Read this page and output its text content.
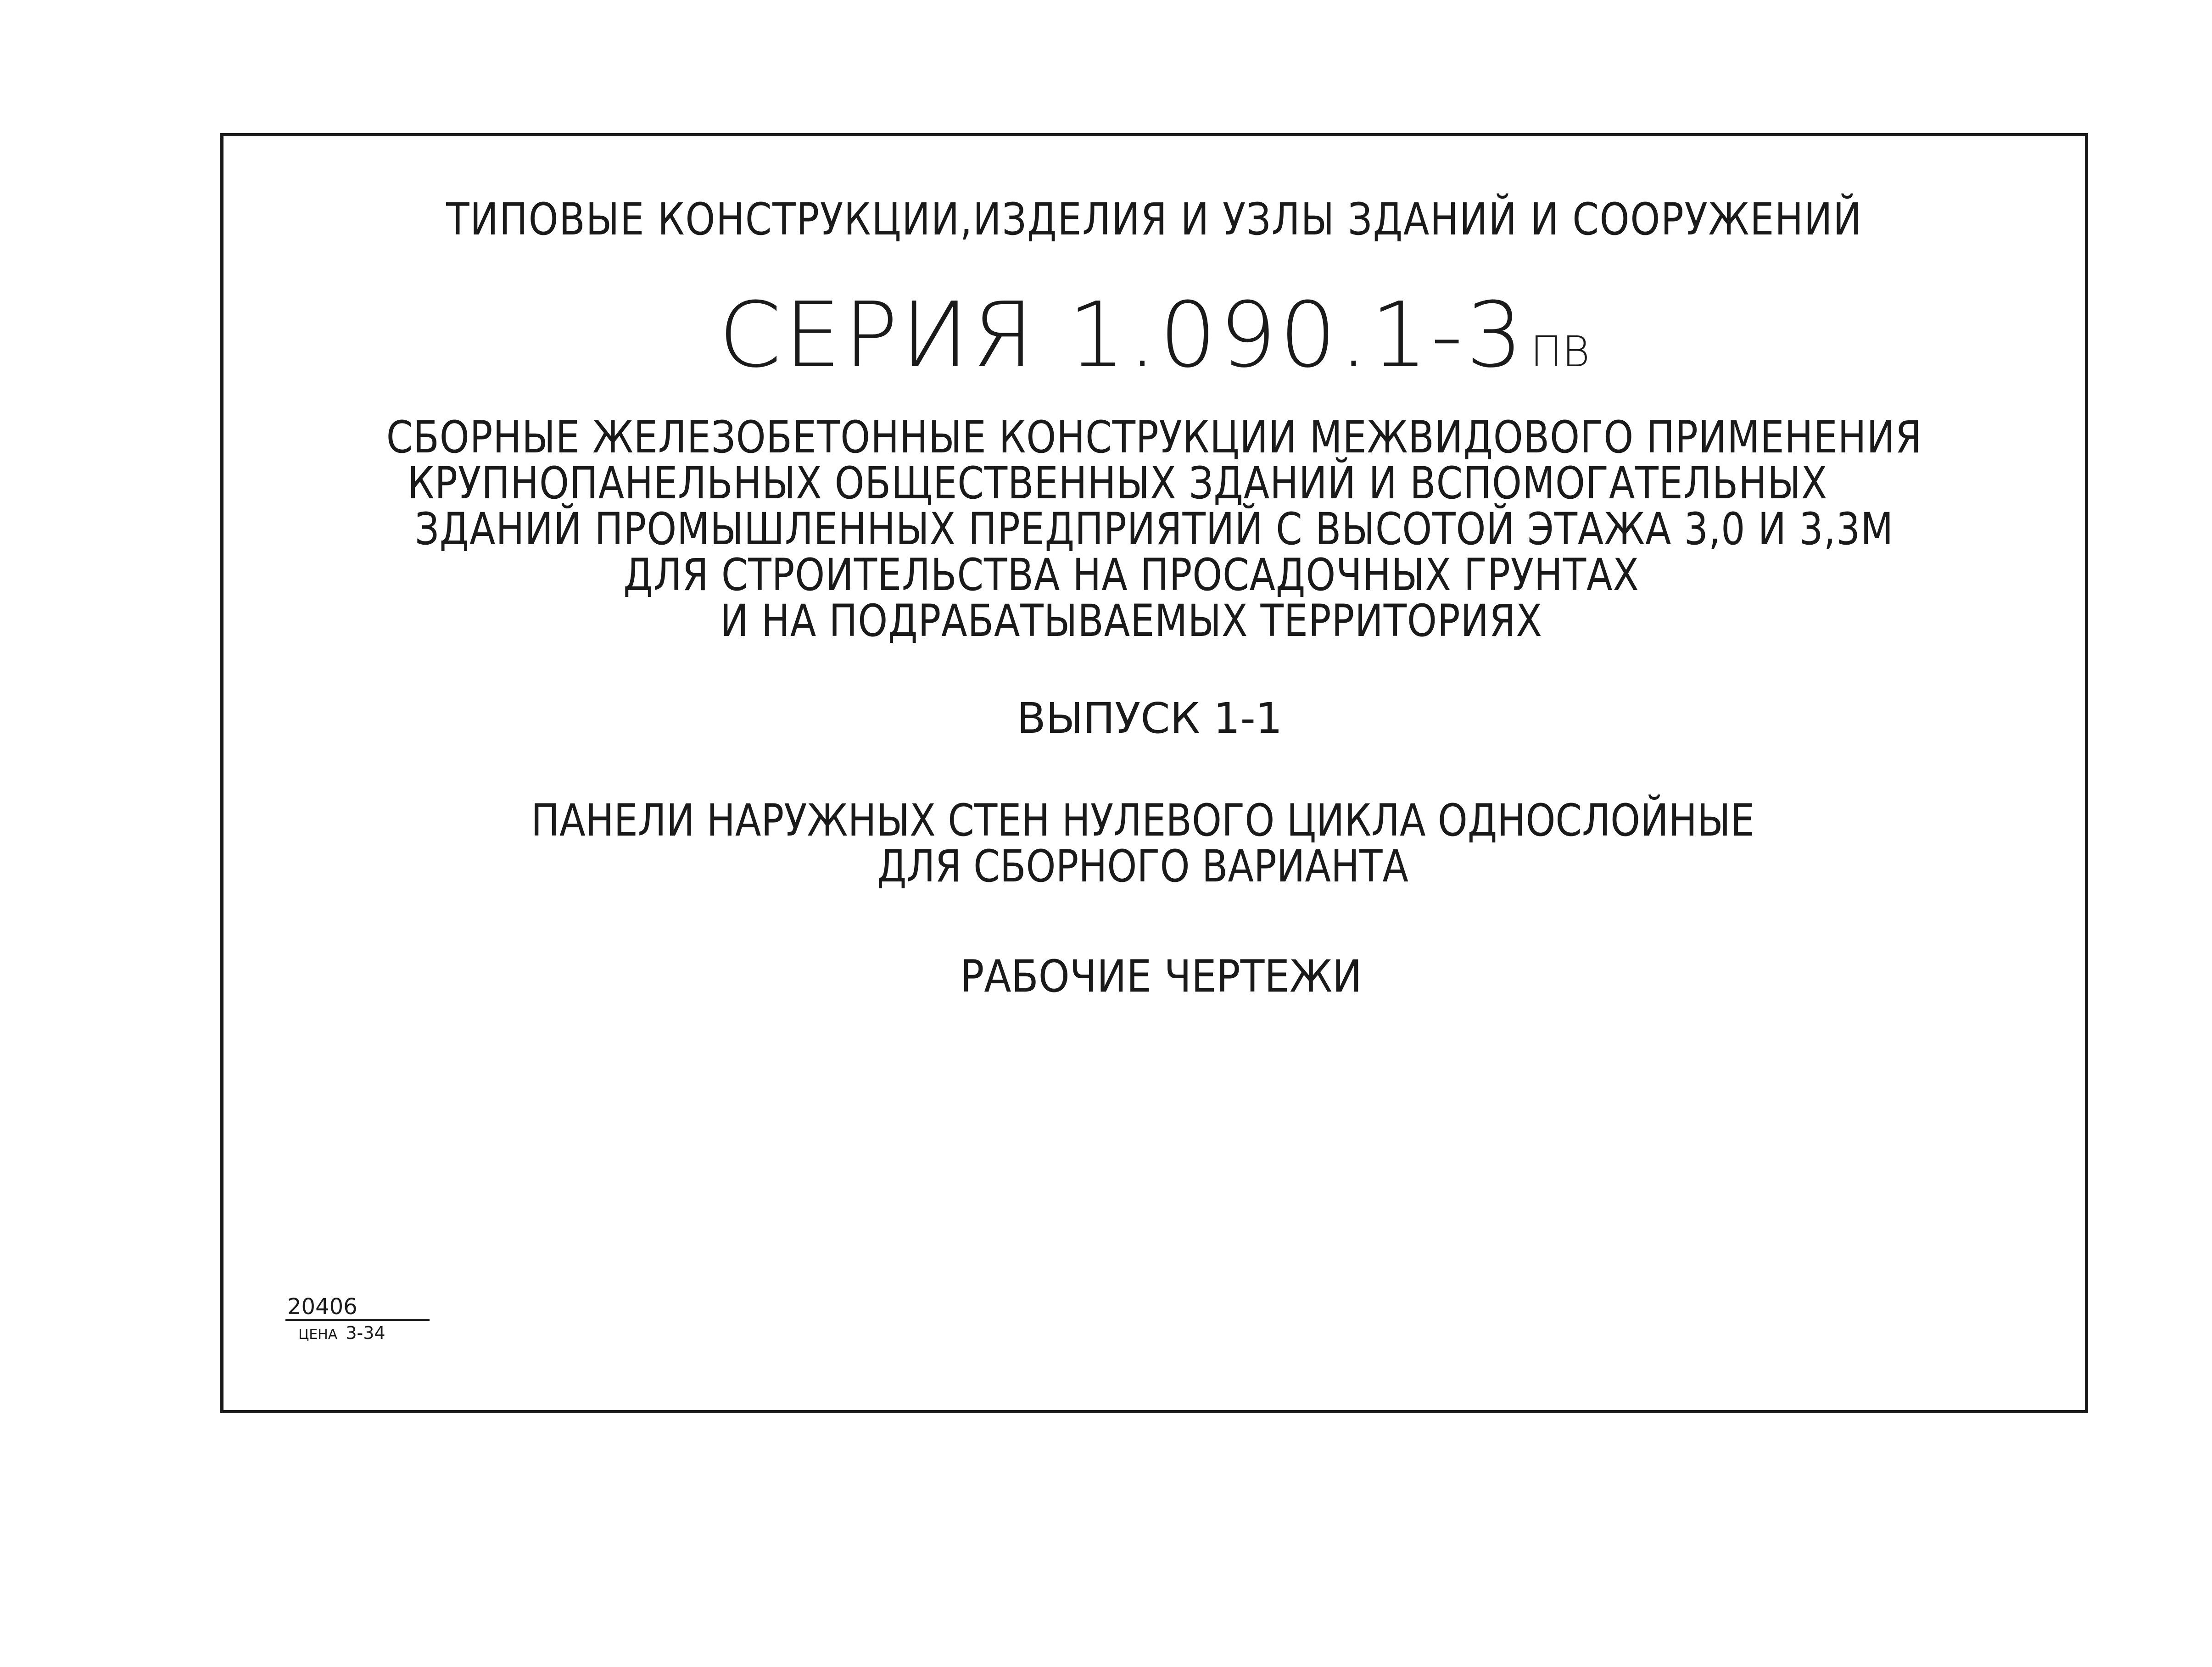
ТИПОВЫЕ КОНСТРУКЦИИ,ИЗДЕЛИЯ И УЗЛЫ ЗДАНИЙ И СООРУЖЕНИЙ
СЕРИЯ 1.090.1-3 ПВ
СБОРНЫЕ ЖЕЛЕЗОБЕТОННЫЕ КОНСТРУКЦИИ МЕЖВИДОВОГО ПРИМЕНЕНИЯ
КРУПНОПАНЕЛЬНЫХ ОБЩЕСТВЕННЫХ ЗДАНИЙ И ВСПОМОГАТЕЛЬНЫХ
ЗДАНИЙ ПРОМЫШЛЕННЫХ ПРЕДПРИЯТИЙ С ВЫСОТОЙ ЭТАЖА 3,0 И 3,3М
ДЛЯ СТРОИТЕЛЬСТВА НА ПРОСАДОЧНЫХ ГРУНТАХ
И НА ПОДРАБАТЫВАЕМЫХ ТЕРРИТОРИЯХ
ВЫПУСК 1-1
ПАНЕЛИ НАРУЖНЫХ СТЕН НУЛЕВОГО ЦИКЛА ОДНОСЛОЙНЫЕ
ДЛЯ СБОРНОГО ВАРИАНТА
РАБОЧИЕ ЧЕРТЕЖИ
20406
ЦЕНА 3-34
